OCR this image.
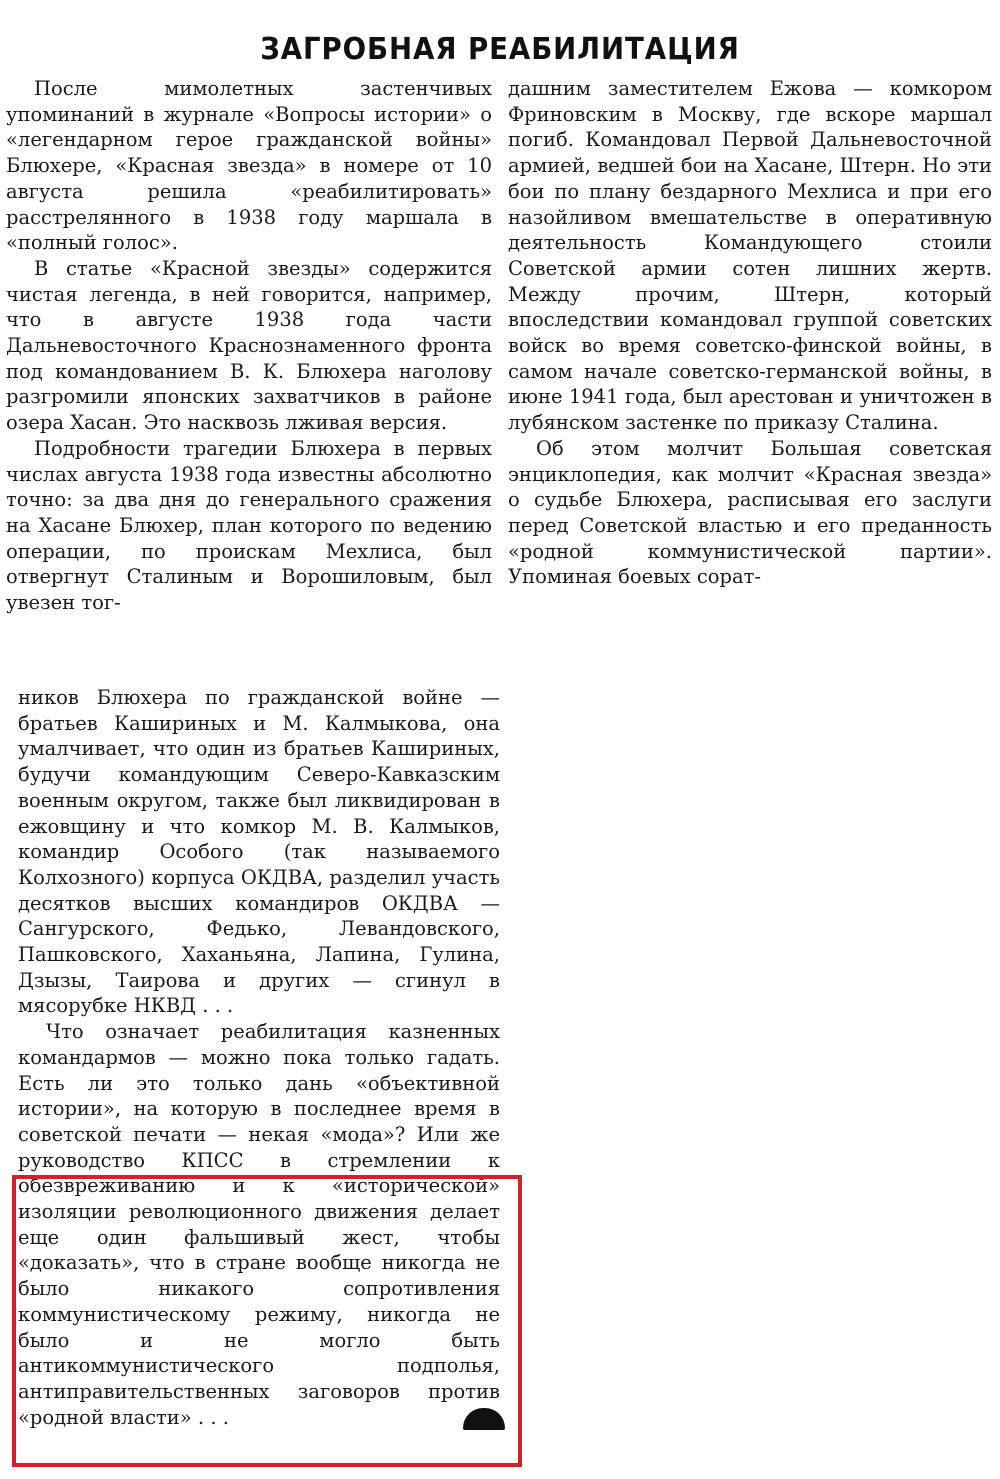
ЗАГРОБНАЯ РЕАБИЛИТАЦИЯ

После мимолетных застенчивых упоминаний в журнале «Вопросы истории» о «легендарном герое гражданской войны» Блюхере, «Красная звезда» в номере от 10 августа решила «реабилитировать» расстрелянного в 1938 году маршала в «полный голос».

В статье «Красной звезды» содержится чистая легенда, в ней говорится, например, что в августе 1938 года части Дальневосточного Краснознаменного фронта под командованием В. К. Блюхера наголову разгромили японских захватчиков в районе озера Хасан. Это насквозь лживая версия.

Подробности трагедии Блюхера в первых числах августа 1938 года известны абсолютно точно: за два дня до генерального сражения на Хасане Блюхер, план которого по ведению операции, по проискам Мехлиса, был отвергнут Сталиным и Ворошиловым, был увезен тог-

дашним заместителем Ежова — комкором Фриновским в Москву, где вскоре маршал погиб. Командовал Первой Дальневосточной армией, ведшей бои на Хасане, Штерн. Но эти бои по плану бездарного Мехлиса и при его назойливом вмешательстве в оперативную деятельность Командующего стоили Советской армии сотен лишних жертв. Между прочим, Штерн, который впоследствии командовал группой советских войск во время советско-финской войны, в самом начале советско-германской войны, в июне 1941 года, был арестован и уничтожен в лубянском застенке по приказу Сталина.

Об этом молчит Большая советская энциклопедия, как молчит «Красная звезда» о судьбе Блюхера, расписывая его заслуги перед Советской властью и его преданность «родной коммунистической партии». Упоминая боевых сорат-

ников Блюхера по гражданской войне — братьев Кашириных и М. Калмыкова, она умалчивает, что один из братьев Кашириных, будучи командующим Северо-Кавказским военным округом, также был ликвидирован в ежовщину и что комкор М. В. Калмыков, командир Особого (так называемого Колхозного) корпуса ОКДВА, разделил участь десятков высших командиров ОКДВА — Сангурского, Федько, Левандовского, Пашковского, Хаханьяна, Лапина, Гулина, Дзызы, Таирова и других — сгинул в мясорубке НКВД . . .

Что означает реабилитация казненных командармов — можно пока только гадать. Есть ли это только дань «объективной истории», на которую в последнее время в советской печати — некая «мода»? Или же руководство КПСС в стремлении к обезвреживанию и к «исторической» изоляции революционного движения делает еще один фальшивый жест, чтобы «доказать», что в стране вообще никогда не было никакого сопротивления коммунистическому режиму, никогда не было и не могло быть антикоммунистического подполья, антиправительственных заговоров против «родной власти» . . .
